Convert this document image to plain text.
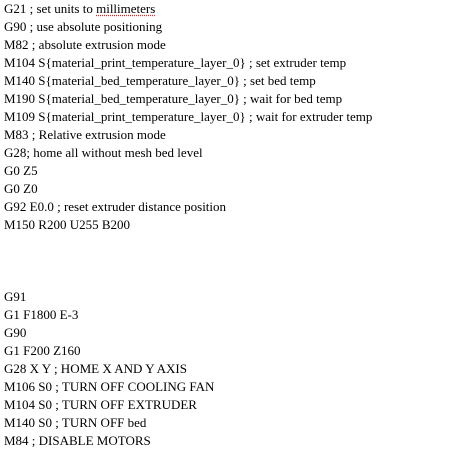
G21 ; set units to millimeters
G90 ; use absolute positioning
M82 ; absolute extrusion mode
M104 S{material_print_temperature_layer_0} ; set extruder temp
M140 S{material_bed_temperature_layer_0} ; set bed temp
M190 S{material_bed_temperature_layer_0} ; wait for bed temp
M109 S{material_print_temperature_layer_0} ; wait for extruder temp
M83 ; Relative extrusion mode
G28; home all without mesh bed level
G0 Z5
G0 Z0
G92 E0.0 ; reset extruder distance position
M150 R200 U255 B200
G91
G1 F1800 E-3
G90
G1 F200 Z160
G28 X Y ; HOME X AND Y AXIS
M106 S0 ; TURN OFF COOLING FAN
M104 S0 ; TURN OFF EXTRUDER
M140 S0 ; TURN OFF bed
M84 ; DISABLE MOTORS
